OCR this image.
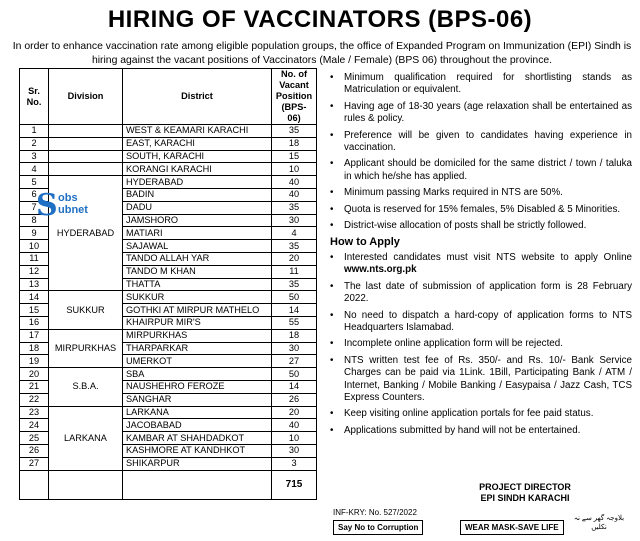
HIRING OF VACCINATORS (BPS-06)
In order to enhance vaccination rate among eligible population groups, the office of Expanded Program on Immunization (EPI) Sindh is hiring against the vacant positions of Vaccinators (Male / Female) (BPS 06) throughout the province.
Sr. No.	Division	District	No. of Vacant Position (BPS-06)
1		WEST & KEAMARI KARACHI	35
2		EAST, KARACHI	18
3		SOUTH, KARACHI	15
4		KORANGI KARACHI	10
5	HYDERABAD	HYDERABAD	40
6		BADIN	40
7		DADU	35
8		JAMSHORO	30
9		MATIARI	4
10		SAJAWAL	35
11		TANDO ALLAH YAR	20
12		TANDO M KHAN	11
13		THATTA	35
14	SUKKUR	SUKKUR	50
15		GOTHKI AT MIRPUR MATHELO	14
16		KHAIRPUR MIR'S	55
17	MIRPURKHAS	MIRPURKHAS	18
18		THARPARKAR	30
19		UMERKOT	27
20	S.B.A.	SBA	50
21		NAUSHEHRO FEROZE	14
22		SANGHAR	26
23	LARKANA	LARKANA	20
24		JACOBABAD	40
25		KAMBAR AT SHAHDADKOT	10
26		KASHMORE AT KANDHKOT	30
27		SHIKARPUR	3
			715
S obs
ubnet
• Minimum qualification required for shortlisting stands as Matriculation or equivalent.
• Having age of 18-30 years (age relaxation shall be entertained as rules & policy.
• Preference will be given to candidates having experience in vaccination.
• Applicant should be domiciled for the same district / town / taluka in which he/she has applied.
• Minimum passing Marks required in NTS are 50%.
• Quota is reserved for 15% females, 5% Disabled & 5 Minorities.
• District-wise allocation of posts shall be strictly followed.
How to Apply
• Interested candidates must visit NTS website to apply Online www.nts.org.pk
• The last date of submission of application form is 28 February 2022.
• No need to dispatch a hard-copy of application forms to NTS Headquarters Islamabad.
• Incomplete online application form will be rejected.
• NTS written test fee of Rs. 350/- and Rs. 10/- Bank Service Charges can be paid via 1Link. 1Bill, Participating Bank / ATM / Internet, Banking / Mobile Banking / Easypaisa / Jazz Cash, TCS Express Counters.
• Keep visiting online application portals for fee paid status.
• Applications submitted by hand will not be entertained.
PROJECT DIRECTOR
EPI SINDH KARACHI
INF-KRY: No. 527/2022
Say No to Corruption	WEAR MASK-SAVE LIFE
بلاوجہ گھر سے نہ نکلیں
